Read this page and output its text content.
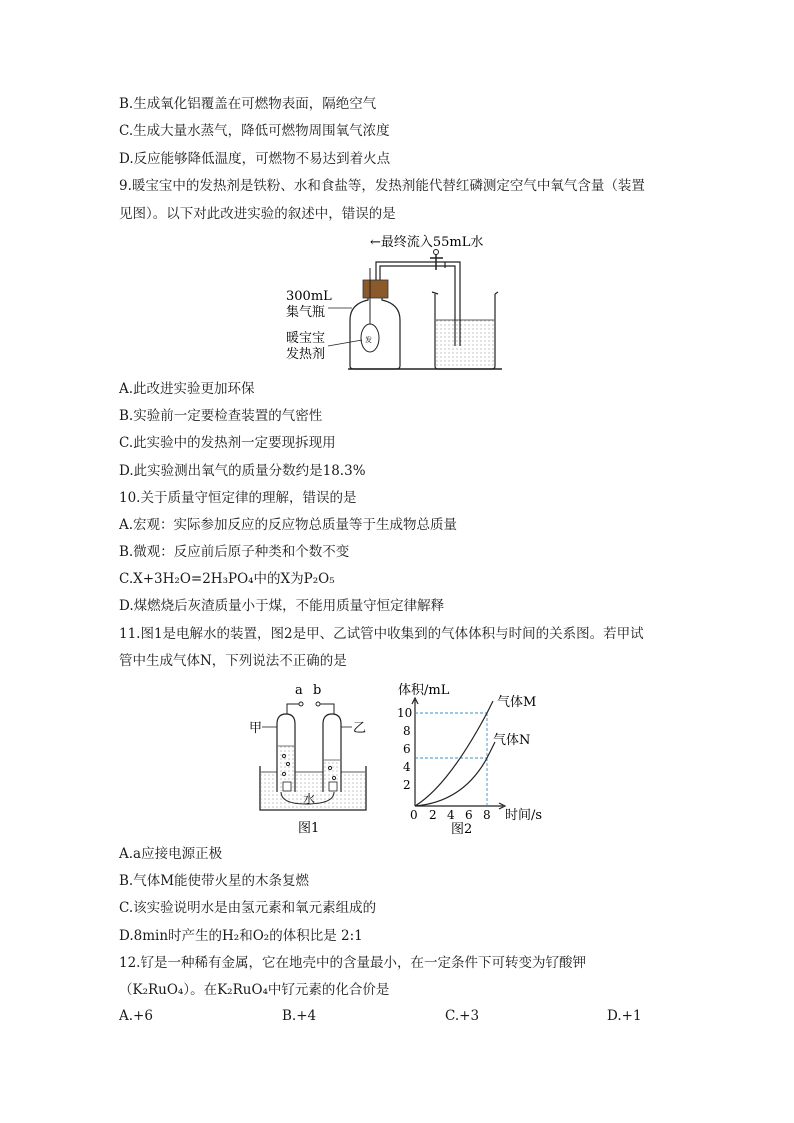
B.生成氧化铝覆盖在可燃物表面，隔绝空气
C.生成大量水蒸气，降低可燃物周围氧气浓度
D.反应能够降低温度，可燃物不易达到着火点
9.暖宝宝中的发热剂是铁粉、水和食盐等，发热剂能代替红磷测定空气中氧气含量（装置
见图）。以下对此改进实验的叙述中，错误的是
←最终流入55mL水
发
300mL
集气瓶
暖宝宝
发热剂
A.此改进实验更加环保
B.实验前一定要检查装置的气密性
C.此实验中的发热剂一定要现拆现用
D.此实验测出氧气的质量分数约是18.3%
10.关于质量守恒定律的理解，错误的是
A.宏观：实际参加反应的反应物总质量等于生成物总质量
B.微观：反应前后原子种类和个数不变
C.X+3H₂O=2H₃PO₄中的X为P₂O₅
D.煤燃烧后灰渣质量小于煤，不能用质量守恒定律解释
11.图1是电解水的装置，图2是甲、乙试管中收集到的气体体积与时间的关系图。若甲试
管中生成气体N，下列说法不正确的是
a b
甲	乙
水
图1
体积/mL
10
8
6
4
2
0 2 4 6 8 时间/s
气体M
气体N
图2
A.a应接电源正极
B.气体M能使带火星的木条复燃
C.该实验说明水是由氢元素和氧元素组成的
D.8min时产生的H₂和O₂的体积比是 2:1
12.钌是一种稀有金属，它在地壳中的含量最小，在一定条件下可转变为钌酸钾
（K₂RuO₄）。在K₂RuO₄中钌元素的化合价是
A.+6	B.+4	C.+3	D.+1
